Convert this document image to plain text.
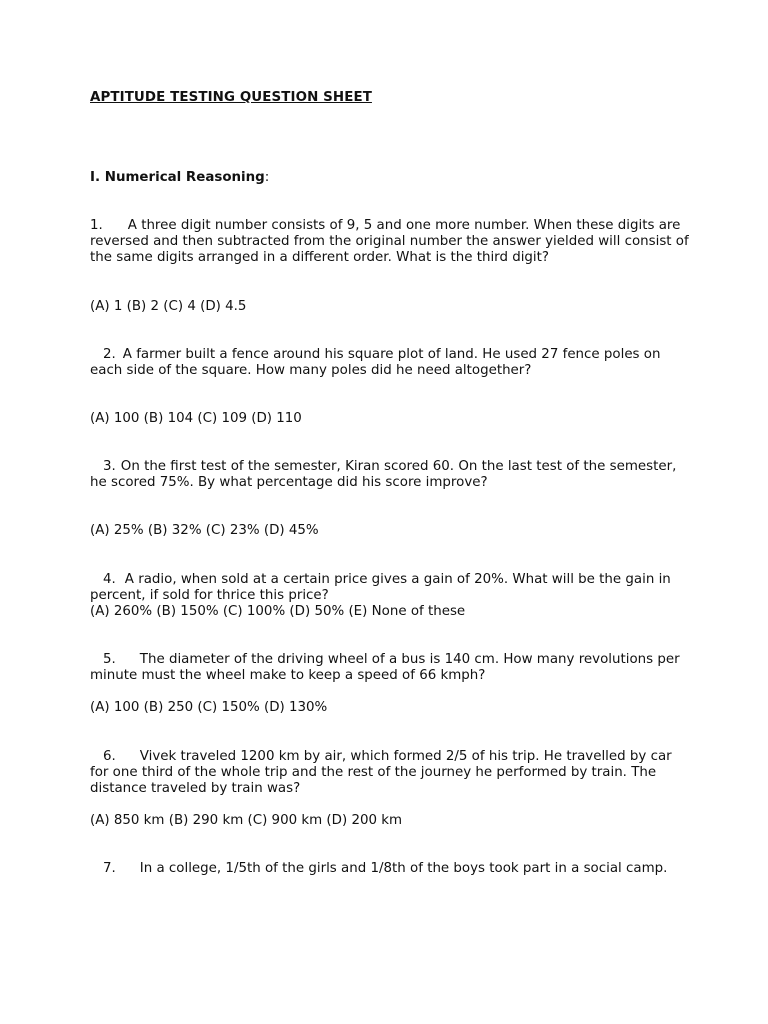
APTITUDE TESTING QUESTION SHEET
I. Numerical Reasoning:
1. A three digit number consists of 9, 5 and one more number. When these digits are reversed and then subtracted from the original number the answer yielded will consist of the same digits arranged in a different order. What is the third digit?
(A) 1 (B) 2 (C) 4 (D) 4.5
2. A farmer built a fence around his square plot of land. He used 27 fence poles on each side of the square. How many poles did he need altogether?
(A) 100 (B) 104 (C) 109 (D) 110
3. On the first test of the semester, Kiran scored 60. On the last test of the semester, he scored 75%. By what percentage did his score improve?
(A) 25% (B) 32% (C) 23% (D) 45%
4. A radio, when sold at a certain price gives a gain of 20%. What will be the gain in percent, if sold for thrice this price?
(A) 260% (B) 150% (C) 100% (D) 50% (E) None of these
5. The diameter of the driving wheel of a bus is 140 cm. How many revolutions per minute must the wheel make to keep a speed of 66 kmph?
(A) 100 (B) 250 (C) 150% (D) 130%
6. Vivek traveled 1200 km by air, which formed 2/5 of his trip. He travelled by car for one third of the whole trip and the rest of the journey he performed by train. The distance traveled by train was?
(A) 850 km (B) 290 km (C) 900 km (D) 200 km
7. In a college, 1/5th of the girls and 1/8th of the boys took part in a social camp.
